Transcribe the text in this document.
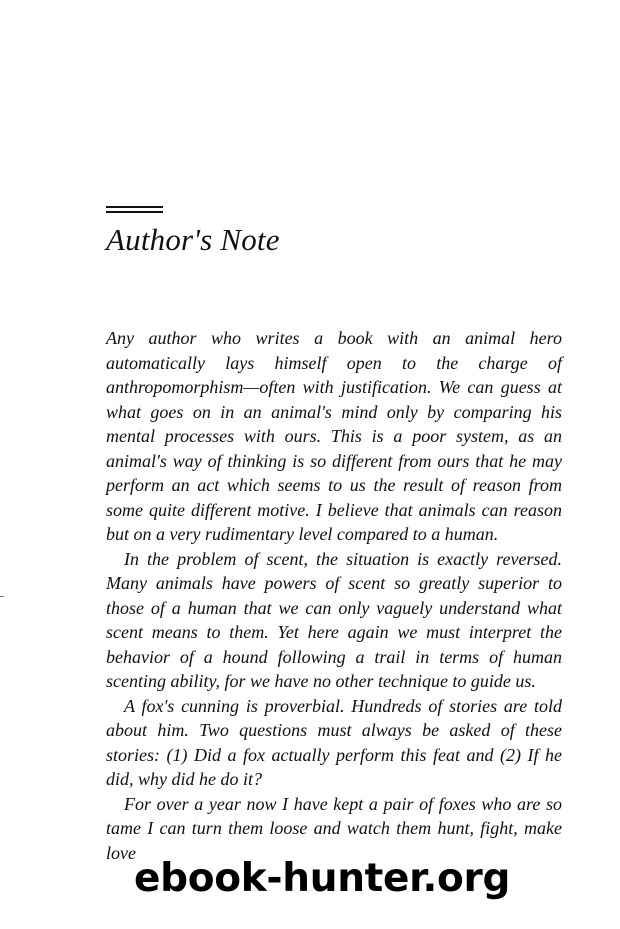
Author's Note

Any author who writes a book with an animal hero automatically lays himself open to the charge of anthropomorphism—often with justification. We can guess at what goes on in an animal's mind only by comparing his mental processes with ours. This is a poor system, as an animal's way of thinking is so different from ours that he may perform an act which seems to us the result of reason from some quite different motive. I believe that animals can reason but on a very rudimentary level compared to a human.

In the problem of scent, the situation is exactly reversed. Many animals have powers of scent so greatly superior to those of a human that we can only vaguely understand what scent means to them. Yet here again we must interpret the behavior of a hound following a trail in terms of human scenting ability, for we have no other technique to guide us.

A fox's cunning is proverbial. Hundreds of stories are told about him. Two questions must always be asked of these stories: (1) Did a fox actually perform this feat and (2) If he did, why did he do it?

For over a year now I have kept a pair of foxes who are so tame I can turn them loose and watch them hunt, fight, make love

ebook-hunter.org
